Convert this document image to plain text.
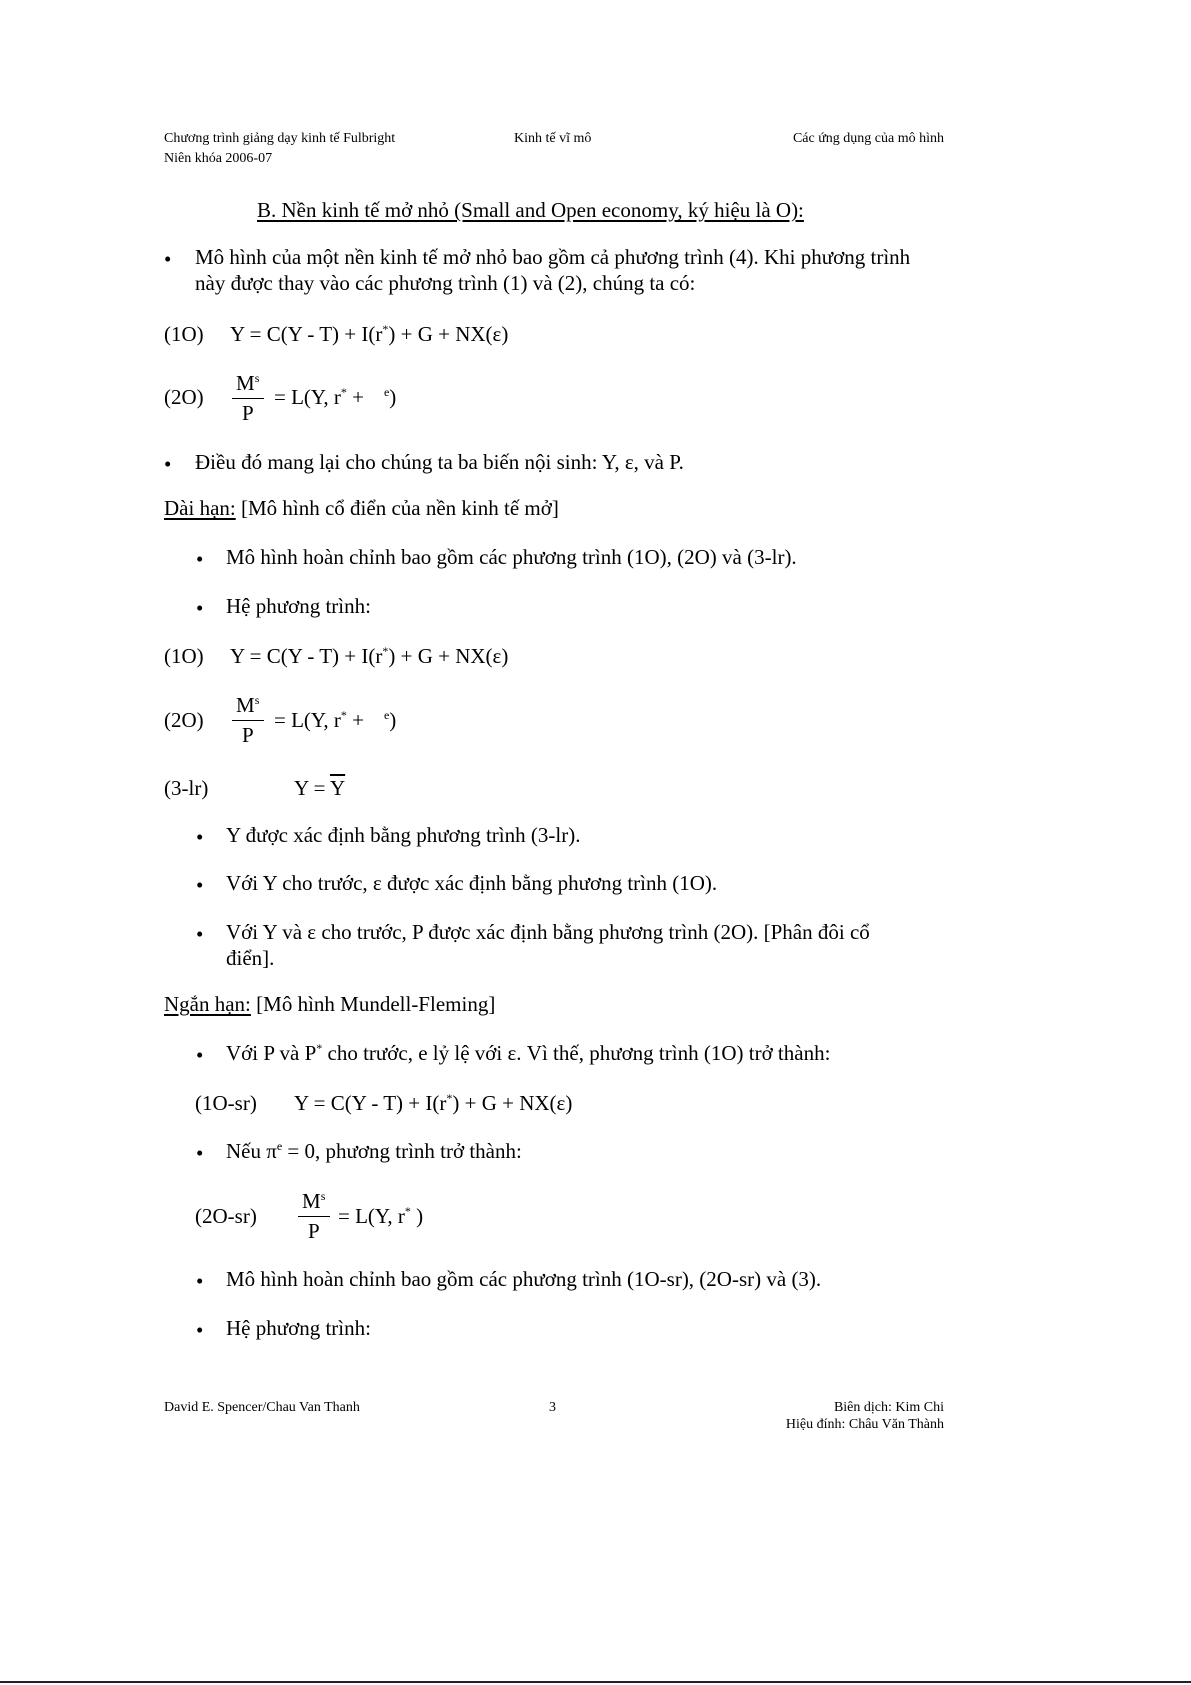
Chương trình giảng dạy kinh tế Fulbright
Niên khóa 2006-07
Kinh tế vĩ mô	Các ứng dụng của mô hình
B. Nền kinh tế mở nhỏ (Small and Open economy, ký hiệu là O):
• Mô hình của một nền kinh tế mở nhỏ bao gồm cả phương trình (4). Khi phương trình
này được thay vào các phương trình (1) và (2), chúng ta có:
(1O) Y = C(Y - T) + I(r*) + G + NX(ε)
(2O)
$M^s$
P
= L(Y, r* + $^e$)
• Điều đó mang lại cho chúng ta ba biến nội sinh: Y, ε, và P.
Dài hạn: [Mô hình cổ điển của nền kinh tế mở]
• Mô hình hoàn chỉnh bao gồm các phương trình (1O), (2O) và (3-lr).
• Hệ phương trình:
(1O) Y = C(Y - T) + I(r*) + G + NX(ε)
(2O)
$M^s$
P
= L(Y, r* + $^e$)
(3-lr)	$Y = \overline{Y}$
• Y được xác định bằng phương trình (3-lr).
• Với Y cho trước, ε được xác định bằng phương trình (1O).
• Với Y và ε cho trước, P được xác định bằng phương trình (2O). [Phân đôi cổ
điển].
Ngắn hạn: [Mô hình Mundell-Fleming]
• Với P và P* cho trước, e lỷ lệ với ε. Vì thế, phương trình (1O) trở thành:
(1O-sr) Y = C(Y - T) + I(r*) + G + NX(ε)
• Nếu $\pi^e = 0$, phương trình trở thành:
(2O-sr)
$M^s$
P
= L(Y, r* )
• Mô hình hoàn chỉnh bao gồm các phương trình (1O-sr), (2O-sr) và (3).
• Hệ phương trình:
David E. Spencer/Chau Van Thanh	3	Biên dịch: Kim Chi
Hiệu đính: Châu Văn Thành
